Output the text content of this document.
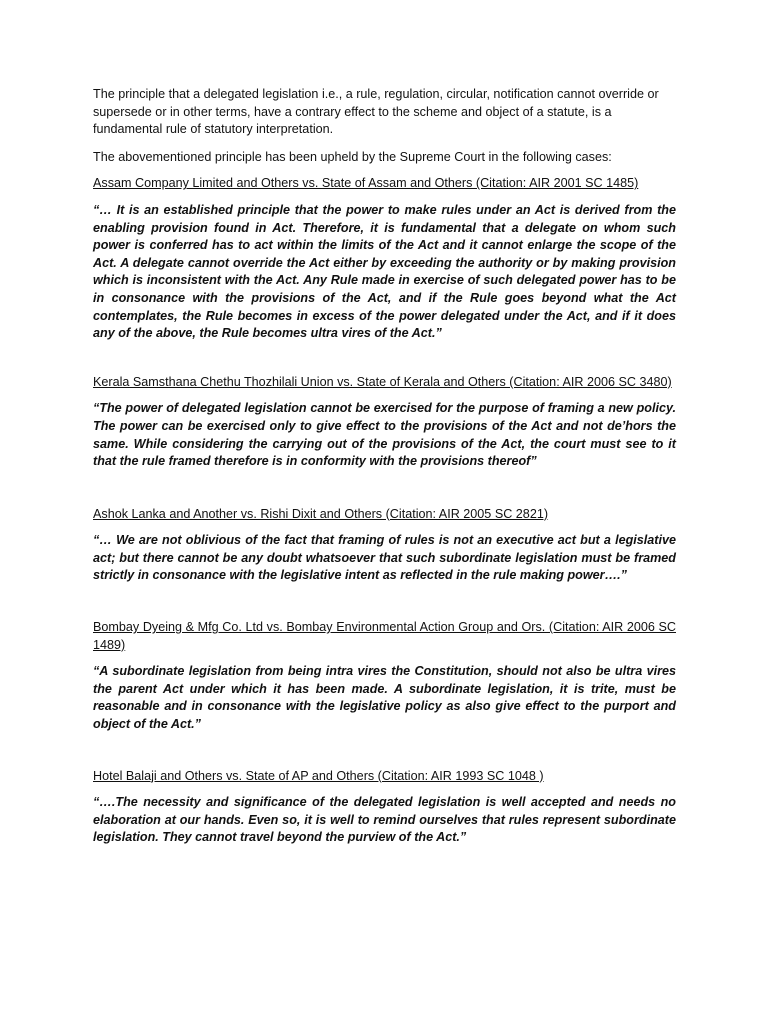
The principle that a delegated legislation i.e., a rule, regulation, circular, notification cannot override or supersede or in other terms, have a contrary effect to the scheme and object of a statute, is a fundamental rule of statutory interpretation.

The abovementioned principle has been upheld by the Supreme Court in the following cases:

Assam Company Limited and Others vs. State of Assam and Others (Citation: AIR 2001 SC 1485)

“… It is an established principle that the power to make rules under an Act is derived from the enabling provision found in Act. Therefore, it is fundamental that a delegate on whom such power is conferred has to act within the limits of the Act and it cannot enlarge the scope of the Act. A delegate cannot override the Act either by exceeding the authority or by making provision which is inconsistent with the Act. Any Rule made in exercise of such delegated power has to be in consonance with the provisions of the Act, and if the Rule goes beyond what the Act contemplates, the Rule becomes in excess of the power delegated under the Act, and if it does any of the above, the Rule becomes ultra vires of the Act.”

Kerala Samsthana Chethu Thozhilali Union vs. State of Kerala and Others (Citation: AIR 2006 SC 3480)

“The power of delegated legislation cannot be exercised for the purpose of framing a new policy. The power can be exercised only to give effect to the provisions of the Act and not de’hors the same. While considering the carrying out of the provisions of the Act, the court must see to it that the rule framed therefore is in conformity with the provisions thereof”

Ashok Lanka and Another vs. Rishi Dixit and Others (Citation: AIR 2005 SC 2821)

“… We are not oblivious of the fact that framing of rules is not an executive act but a legislative act; but there cannot be any doubt whatsoever that such subordinate legislation must be framed strictly in consonance with the legislative intent as reflected in the rule making power….”

Bombay Dyeing & Mfg Co. Ltd vs. Bombay Environmental Action Group and Ors. (Citation: AIR 2006 SC 1489)

“A subordinate legislation from being intra vires the Constitution, should not also be ultra vires the parent Act under which it has been made. A subordinate legislation, it is trite, must be reasonable and in consonance with the legislative policy as also give effect to the purport and object of the Act.”

Hotel Balaji and Others vs. State of AP and Others (Citation: AIR 1993 SC 1048 )

“….The necessity and significance of the delegated legislation is well accepted and needs no elaboration at our hands. Even so, it is well to remind ourselves that rules represent subordinate legislation. They cannot travel beyond the purview of the Act.”
